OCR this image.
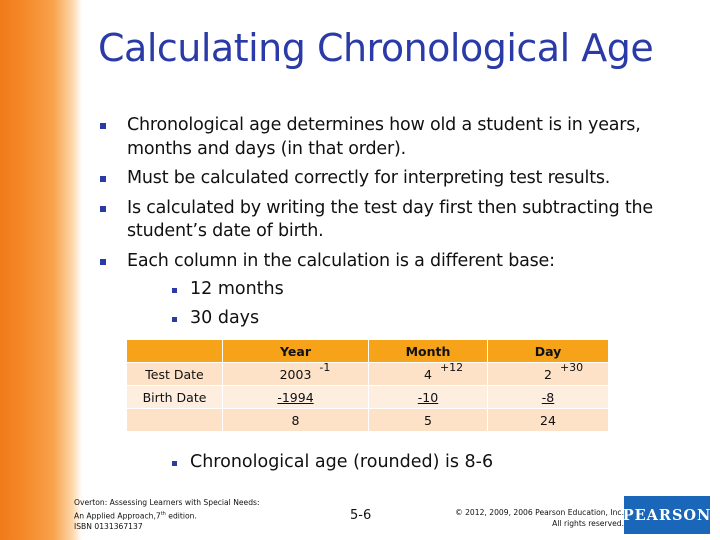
Calculating Chronological Age
Chronological age determines how old a student is in years, months and days (in that order).
Must be calculated correctly for interpreting test results.
Is calculated by writing the test day first then subtracting the student’s date of birth.
Each column in the calculation is a different base:
12 months
30 days
	Year	Month	Day
Test Date	2003 -1	4 +12	2 +30

Birth Date	-1994	-10	-8
	8	5	24
Chronological age (rounded) is 8-6
Overton: Assessing Learners with Special Needs:
An Applied Approach,7th edition.
ISBN 0131367137
5-6	© 2012, 2009, 2006 Pearson Education, Inc.
All rights reserved.
PEARSON
